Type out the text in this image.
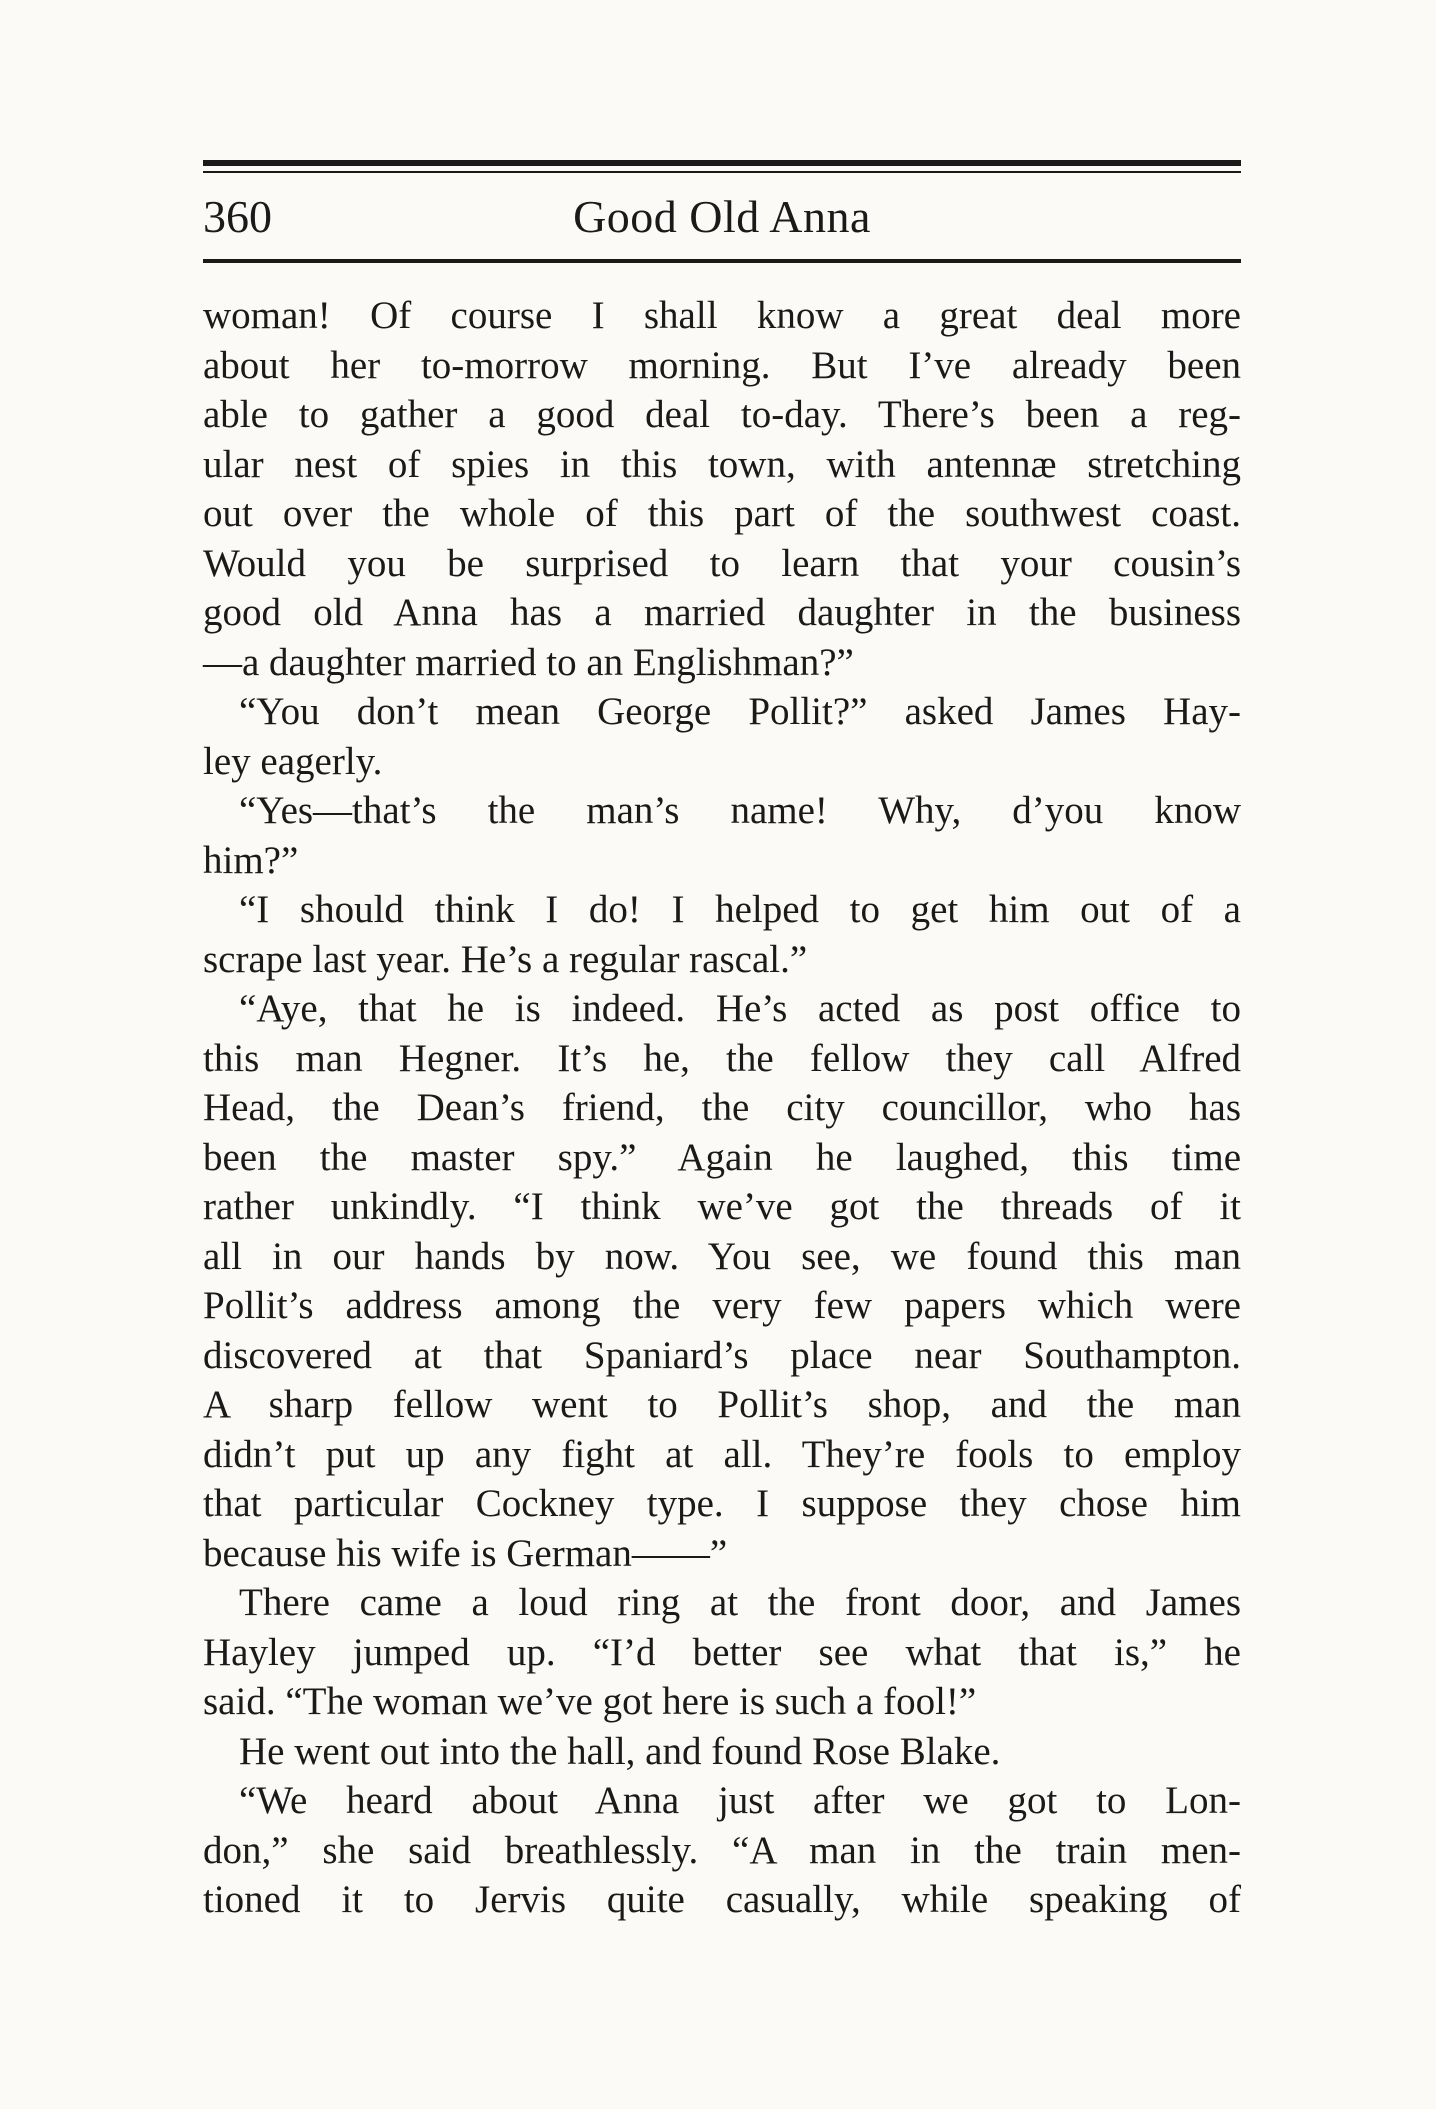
360	Good Old Anna
woman! Of course I shall know a great deal more
about her to-morrow morning. But I’ve already been
able to gather a good deal to-day. There’s been a reg-
ular nest of spies in this town, with antennæ stretching
out over the whole of this part of the southwest coast.
Would you be surprised to learn that your cousin’s
good old Anna has a married daughter in the business
—a daughter married to an Englishman?”
“You don’t mean George Pollit?” asked James Hay-
ley eagerly.
“Yes—that’s the man’s name! Why, d’you know
him?”
“I should think I do! I helped to get him out of a
scrape last year. He’s a regular rascal.”
“Aye, that he is indeed. He’s acted as post office to
this man Hegner. It’s he, the fellow they call Alfred
Head, the Dean’s friend, the city councillor, who has
been the master spy.” Again he laughed, this time
rather unkindly. “I think we’ve got the threads of it
all in our hands by now. You see, we found this man
Pollit’s address among the very few papers which were
discovered at that Spaniard’s place near Southampton.
A sharp fellow went to Pollit’s shop, and the man
didn’t put up any fight at all. They’re fools to employ
that particular Cockney type. I suppose they chose him
because his wife is German——”
There came a loud ring at the front door, and James
Hayley jumped up. “I’d better see what that is,” he
said. “The woman we’ve got here is such a fool!”
He went out into the hall, and found Rose Blake.
“We heard about Anna just after we got to Lon-
don,” she said breathlessly. “A man in the train men-
tioned it to Jervis quite casually, while speaking of
